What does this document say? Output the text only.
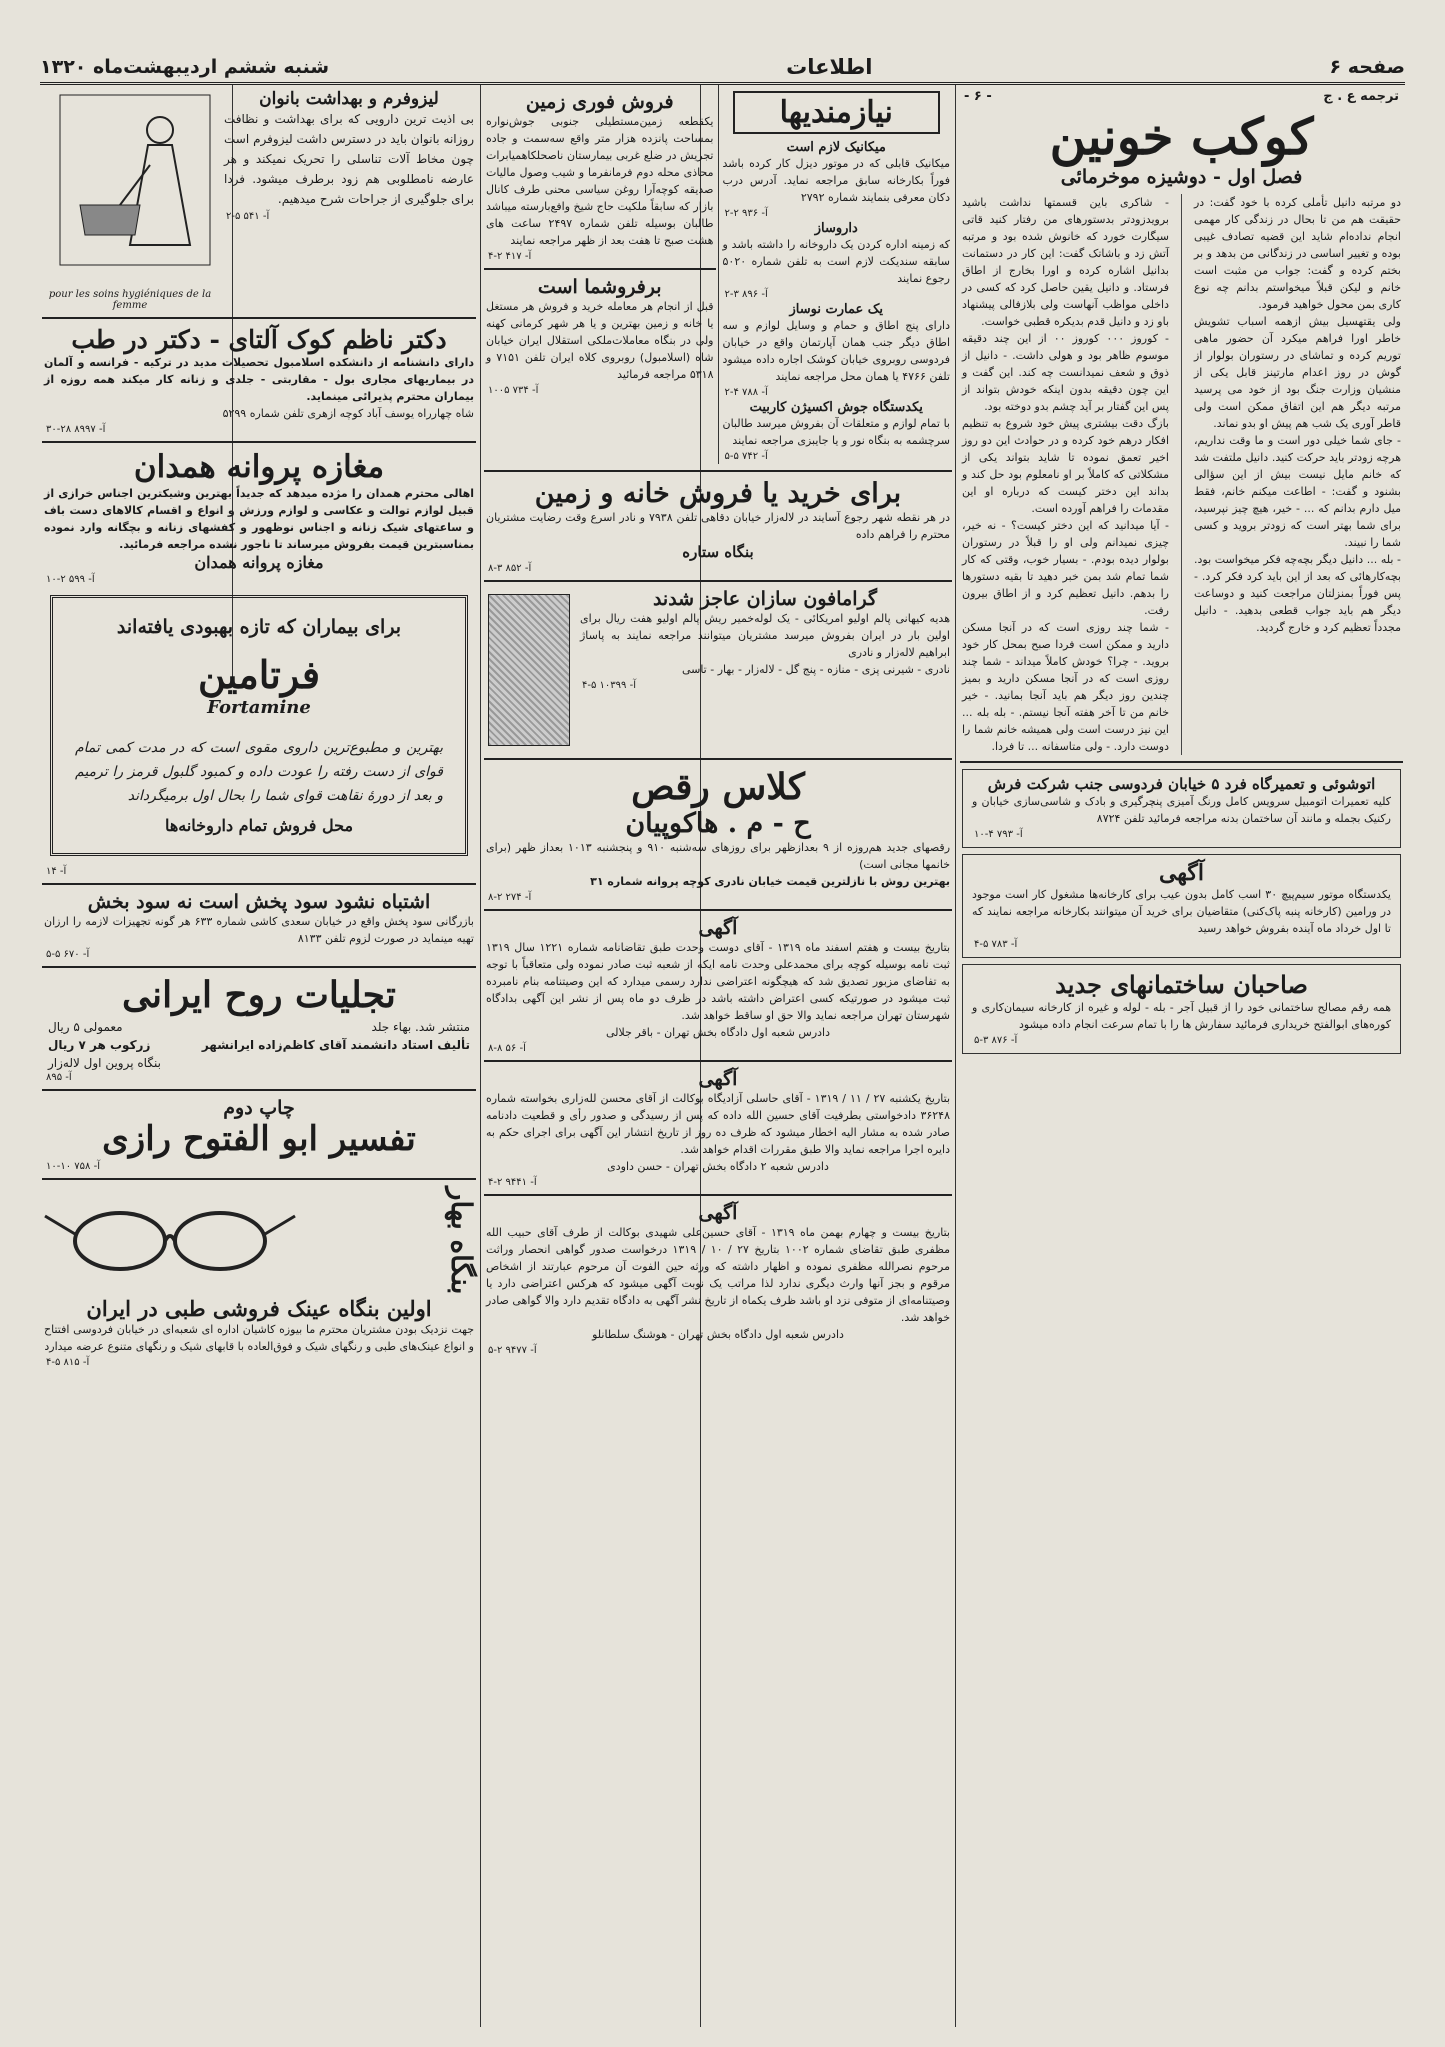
صفحه ۶
اطلاعات
شنبه ششم اردیبهشت‌ماه ۱۳۲۰
ترجمه ع . ج
- ۶ -
کوکب خونین
فصل اول - دوشیزه موخرمائی

دو مرتبه دانیل تأملی کرده با خود گفت: در حقیقت هم من تا بحال در زندگی کار مهمی انجام نداده‌ام شاید این قضیه تصادف غیبی بوده و تغییر اساسی در زندگانی من بدهد و بر بختم کرده و گفت: جواب من مثبت است خانم و لیکن قبلاً میخواستم بدانم چه نوع کاری بمن محول خواهید فرمود.

ولی یقتهسیل بیش ازهمه اسباب تشویش خاطر اورا فراهم میکرد آن حضور ماهی توریم کرده و تماشای در رستوران بولوار از گوش در روز اعدام مارتینز قابل یکی از منشیان وزارت جنگ بود از خود می پرسید مرتبه دیگر هم این اتفاق ممکن است ولی قاطر آوری یک شب هم پیش او بدو نماند.

- جای شما خیلی دور است و ما وقت نداریم، هرچه زودتر باید حرکت کنید. دانیل ملتفت شد که خانم مایل نیست بیش از این سؤالی بشنود و گفت: - اطاعت میکنم خانم، فقط میل دارم بدانم که ... - خیر، هیچ چیز نپرسید، برای شما بهتر است که زودتر بروید و کسی شما را نبیند.

- بله ... دانیل دیگر بچه‌چه فکر میخواست بود. بچه‌کارهائی که بعد از این باید کرد فکر کرد. - پس فوراً بمنزلتان مراجعت کنید و دوساعت دیگر هم باید جواب قطعی بدهید. - دانیل مجدداً تعظیم کرد و خارج گردید.

- شاکری باین قسمتها نداشت باشید برویدزودتر بدستورهای من رفتار کنید قاتی سیگارت خورد که خانوش شده بود و مرتبه آتش زد و باشاتک گفت: این کار در دستمانت بدانیل اشاره کرده و اورا بخارج از اطاق فرستاد. و دانیل یقین حاصل کرد که کسی در داخلی مواظب آنهاست ولی بلازفالی پیشنهاد باو زد و دانیل قدم بدیکره قطبی خواست.

- کوروز ۰۰۰ کوروز ۰۰ از این چند دقیقه موسوم ظاهر بود و هولی داشت. - دانیل از ذوق و شعف نمیدانست چه کند. این گفت و این چون دقیقه بدون اینکه خودش بتواند از پس این گفتار بر آید چشم بدو دوخته بود.

بازگ دقت بیشتری پیش خود شروع به تنظیم افکار درهم خود کرده و در حوادث این دو روز اخیر تعمق نموده تا شاید بتواند یکی از مشکلاتی که کاملاً بر او نامعلوم بود حل کند و بداند این دختر کیست که درباره او این مقدمات را فراهم آورده است.

- آیا میدانید که این دختر کیست؟ - نه خیر، چیزی نمیدانم ولی او را قبلاً در رستوران بولوار دیده بودم. - بسیار خوب، وقتی که کار شما تمام شد بمن خبر دهید تا بقیه دستورها را بدهم. دانیل تعظیم کرد و از اطاق بیرون رفت.

- شما چند روزی است که در آنجا مسکن دارید و ممکن است فردا صبح بمحل کار خود بروید. - چرا؟ خودش کاملاً میداند - شما چند روزی است که در آنجا مسکن دارید و بمیز چندین روز دیگر هم باید آنجا بمانید. - خیر خانم من تا آخر هفته آنجا نیستم. - بله بله ... این نیز درست است ولی همیشه خانم شما را دوست دارد. - ولی متاسفانه ... تا فردا.

اتوشوئی و تعمیرگاه فرد ۵ خیابان فردوسی جنب شرکت فرش

کلیه تعمیرات اتومبیل سرویس کامل ورنگ آمیزی پنچرگیری و بادک و شاسی‌سازی خیابان و رکنیک بجمله و مانند آن ساختمان بدنه مراجعه فرمائید تلفن ۸۷۲۴

آ- ۷۹۳ ۴-۱۰
آگهی

یکدستگاه موتور سیم‌پیچ ۳۰ اسب کامل بدون عیب برای کارخانه‌ها مشغول کار است موجود در ورامین (کارخانه پنبه پاک‌کنی) متقاضیان برای خرید آن میتوانند بکارخانه مراجعه نمایند که تا اول خرداد ماه آینده بفروش خواهد رسید

آ- ۷۸۳ ۵-۴
صاحبان ساختمانهای جدید

همه رقم مصالح ساختمانی خود را از قبیل آجر - بله - لوله و غیره از کارخانه سیمان‌کاری و کوره‌های ابوالفتح خریداری فرمائید سفارش ها را با تمام سرعت انجام داده میشود

آ- ۸۷۶ ۳-۵
نیازمندیها
میکانیک لازم است

میکانیک قابلی که در موتور دیزل کار کرده باشد فوراً بکارخانه سابق مراجعه نماید. آدرس درب دکان معرفی بنمایند شماره ۲۷۹۲

آ- ۹۳۶ ۲-۲
داروساز

که زمینه اداره کردن یک داروخانه را داشته باشد و سابقه سندیکت لازم است به تلفن شماره ۵۰۲۰ رجوع نمایند

آ- ۸۹۶ ۳-۲
یک عمارت نوساز

دارای پنج اطاق و حمام و وسایل لوازم و سه اطاق دیگر جنب همان آپارتمان واقع در خیابان فردوسی روبروی خیابان کوشک اجاره داده میشود تلفن ۴۷۶۶ یا همان محل مراجعه نمایند

آ- ۷۸۸ ۴-۲
یکدستگاه جوش اکسیژن کاربیت

با تمام لوازم و متعلقات آن بفروش میرسد طالبان سرچشمه به بنگاه نور و یا جایبزی مراجعه نمایند

آ- ۷۴۲ ۵-۵
فروش فوری زمین

یکقطعه زمین‌مستطیلی جنوبی جوش‌نواره بمساحت پانزده هزار متر واقع سه‌سمت و جاده تجریش در ضلع غربی بیمارستان ناصحلکاهمیابرات محاذی محله دوم فرمانفرما و شیب وصول مالیات صدیقه کوچه‌آرا روغن سیاسی محنی طرف کانال بازار که سابقاً ملکیت حاج شیخ وافع‌بارسته میباشد طالبان بوسیله تلفن شماره ۲۴۹۷ ساعت های هشت صبح تا هفت بعد از ظهر مراجعه نمایند

آ- ۴۱۷ ۲-۴
برفروشما است

قبل از انجام هر معامله خرید و فروش هر مستغل یا خانه و زمین بهترین و یا هر شهر کرمانی کهنه ولی در بنگاه معاملات‌ملکی‌ استقلال ایران خیابان شاه (اسلامبول) روبروی کلاه ایران تلفن ۷۱۵۱ و ۵۳۱۸ مراجعه فرمائید

آ- ۷۳۴ ۱۰۰۵
برای خرید یا فروش خانه و زمین

در هر نقطه شهر رجوع آسایند در لاله‌زار خیابان دقاهی تلفن ۷۹۳۸ و نادر اسرع وقت رضایت مشتریان محترم را فراهم داده

بنگاه ستاره
آ- ۸۵۲ ۳-۸
گرامافون سازان عاجز شدند

هدیه کیهانی پالم اولیو امریکائی - یک لوله‌خمیر ریش پالم اولیو هفت ریال برای اولین بار در ایران بفروش میرسد مشتریان میتوانند مراجعه نمایند به پاساژ ابراهیم لاله‌زار و نادری

نادری - شیرنی پزی - منازه - پنج گل - لاله‌زار - بهار - تاسی

آ- ۱۰۳۹۹ ۵-۴
کلاس رقص
ح - م . هاکوپیان

رقصهای جدید هم‌روزه از ۹ بعدازظهر برای روزهای سه‌شنبه ۹۱۰ و پنجشنبه ۱۰۱۳ بعداز ظهر (برای خانمها مجانی است)

بهترین روش با نازلترین قیمت خیابان نادری کوچه پروانه شماره ۳۱

آ- ۲۷۴ ۲-۸
آگهی

بتاریخ بیست و هفتم اسفند ماه ۱۳۱۹ - آقای دوست وحدت طبق تقاضانامه شماره ۱۲۲۱ سال ۱۳۱۹ ثبت نامه بوسیله کوچه برای محمدعلی وحدت نامه ایکه از شعبه ثبت صادر نموده ولی متعاقباً با توجه به تفاضای مزبور تصدیق شد که هیچگونه اعتراضی ندارد رسمی میدارد که این وصیتنامه بنام نامبرده ثبت میشود در صورتیکه کسی اعتراض داشته باشد در ظرف دو ماه پس از نشر این آگهی بدادگاه شهرستان تهران مراجعه نماید والا حق او ساقط خواهد شد.

دادرس شعبه اول دادگاه بخش تهران - باقر جلالی

آ- ۵۶ ۸-۸
آگهی

بتاریخ یکشنبه ۲۷ / ۱۱ / ۱۳۱۹ - آقای حاسلی آزادیگاه بوکالت از آقای محسن لله‌زاری بخواسته شماره ۳۶۲۴۸ دادخواستی بطرفیت آقای حسین الله داده که پس از رسیدگی و صدور رأی و قطعیت دادنامه صادر شده به مشار الیه اخطار میشود که ظرف ده روز از تاریخ انتشار این آگهی برای اجرای حکم به دایره اجرا مراجعه نماید والا طبق مقررات اقدام خواهد شد.

دادرس شعبه ۲ دادگاه بخش تهران - حسن داودی

آ- ۹۴۴۱ ۲-۴
آگهی

بتاریخ بیست و چهارم بهمن ماه ۱۳۱۹ - آقای حسین‌علی شهیدی بوکالت از طرف آقای حبیب الله مظفری طبق تقاضای شماره ۱۰۰۲ بتاریخ ۲۷ / ۱۰ / ۱۳۱۹ درخواست صدور گواهی انحصار وراثت مرحوم نصرالله مظفری نموده و اظهار داشته که ورثه حین الفوت آن مرحوم عبارتند از اشخاص مرقوم و بجز آنها وارث دیگری ندارد لذا مراتب یک نوبت آگهی میشود که هرکس اعتراضی دارد یا وصیتنامه‌ای از متوفی نزد او باشد ظرف یکماه از تاریخ نشر آگهی به دادگاه تقدیم دارد والا گواهی صادر خواهد شد.

دادرس شعبه اول دادگاه بخش تهران - هوشنگ سلطانلو

آ- ۹۴۷۷ ۲-۵
لیزوفرم و بهداشت بانوان

بی اذیت ترین دارویی که برای بهداشت و نظافت روزانه بانوان باید در دسترس داشت لیزوفرم است چون مخاط آلات تناسلی را تحریک نمیکند و هر عارضه نامطلوبی هم زود برطرف میشود. فردا برای جلوگیری از جراحات شرح میدهیم.

آ- ۵۴۱ ۵-۲
pour les soins hygiéniques de la femme
دکتر ناظم کوک آلتای - دکتر در طب

دارای دانشنامه از دانشکده اسلامبول تحصیلات مدید در ترکیه - فرانسه و آلمان در بیماریهای مجاری بول - مقاربتی - جلدی و زنانه کار میکند همه روزه از بیماران محترم پذیرائی مینماید.

شاه چهارراه یوسف آباد کوچه ازهری تلفن شماره ۵۲۹۹

آ- ۸۹۹۷ ۲۸-۳۰
مغازه پروانه همدان

اهالی محترم همدان را مژده میدهد که جدیداً بهترین وشیکترین اجناس خرازی از قبیل لوازم توالت و عکاسی و لوازم ورزش و انواع و اقسام کالاهای دست باف و ساعتهای شیک زنانه و اجناس نوظهور و کفشهای زنانه و بچگانه وارد نموده بمناسبترین قیمت بفروش میرساند تا ناجور نشده مراجعه فرمائید.

مغازه پروانه همدان
آ- ۵۹۹ ۲-۱۰
برای بیماران که تازه بهبودی یافته‌اند
فرتامین
Fortamine

بهترین و مطبوع‌ترین داروی مقوی است که در مدت کمی تمام قوای از دست رفته را عودت داده و کمبود گلبول قرمز را ترمیم و بعد از دورۀ نقاهت قوای شما را بحال اول برمیگرداند

محل فروش تمام داروخانه‌ها
آ- ۱۴
اشتباه نشود سود پخش است نه سود بخش

بازرگانی سود پخش واقع در خیابان سعدی کاشی شماره ۶۳۳ هر گونه تجهیزات لازمه را ارزان تهیه مینماید در صورت لزوم تلفن ۸۱۳۳

آ- ۶۷۰ ۵-۵
تجلیات روح ایرانی
منتشر شد. بهاء جلد
معمولی ۵ ریال
تألیف استاد دانشمند آقای کاظم‌زاده ایرانشهر
زرکوب هر ۷ ریال
بنگاه پروین اول لاله‌زار
آ- ۸۹۵
چاپ دوم
تفسیر ابو الفتوح رازی
آ- ۷۵۸ ۱۰-۱۰
بنگاه بهار
اولین بنگاه عینک فروشی طبی در ایران

جهت نزدیک بودن مشتریان محترم ما بیوزه کاشیان اداره ای شعبه‌ای در خیابان فردوسی افتتاح و انواع عینک‌های طبی و رنگهای شیک و فوق‌العاده با قابهای شیک و رنگهای متنوع عرضه میدارد

آ- ۸۱۵ ۵-۴
